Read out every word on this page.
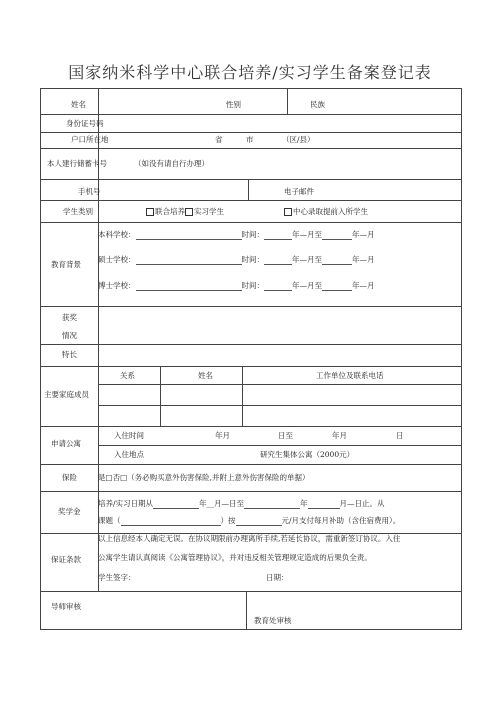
国家纳米科学中心联合培养/实习学生备案登记表
姓名	性别	民族
身份证号码
户口所在地	省	市	（区/县）
本人建行储蓄卡号	（如没有请自行办理）
手机号	电子邮件
学生类别	联合培养 实习学生	中心录取提前入所学生
教育背景
本科学校：	时间：	年—月至	年—月
硕士学校：	时间：	年—月至	年—月
博士学校：	时间：	年—月至	年—月
获奖
情况
特长
主要家庭成员
关系	姓名	工作单位及联系电话
申请公寓
入住时间	年月	日至	年月	日
入住地点	研究生集体公寓（2000元）
保险	是□否□（务必购买意外伤害保险,并附上意外伤害保险的单据）
奖学金
培养/实习日期从	年__月—日至	年	月—日止。从
课题（	）按	元/月支付每月补助（含住宿费用）。
保证条款
以上信息经本人确定无误。在协议期限前办理离所手续,若延长协议，需重新签订协议。入住
公寓学生请认真阅读《公寓管理协议》，并对违反相关管理规定造成的后果负全责。
学生签字：	日期：
导师审核
教育处审核
